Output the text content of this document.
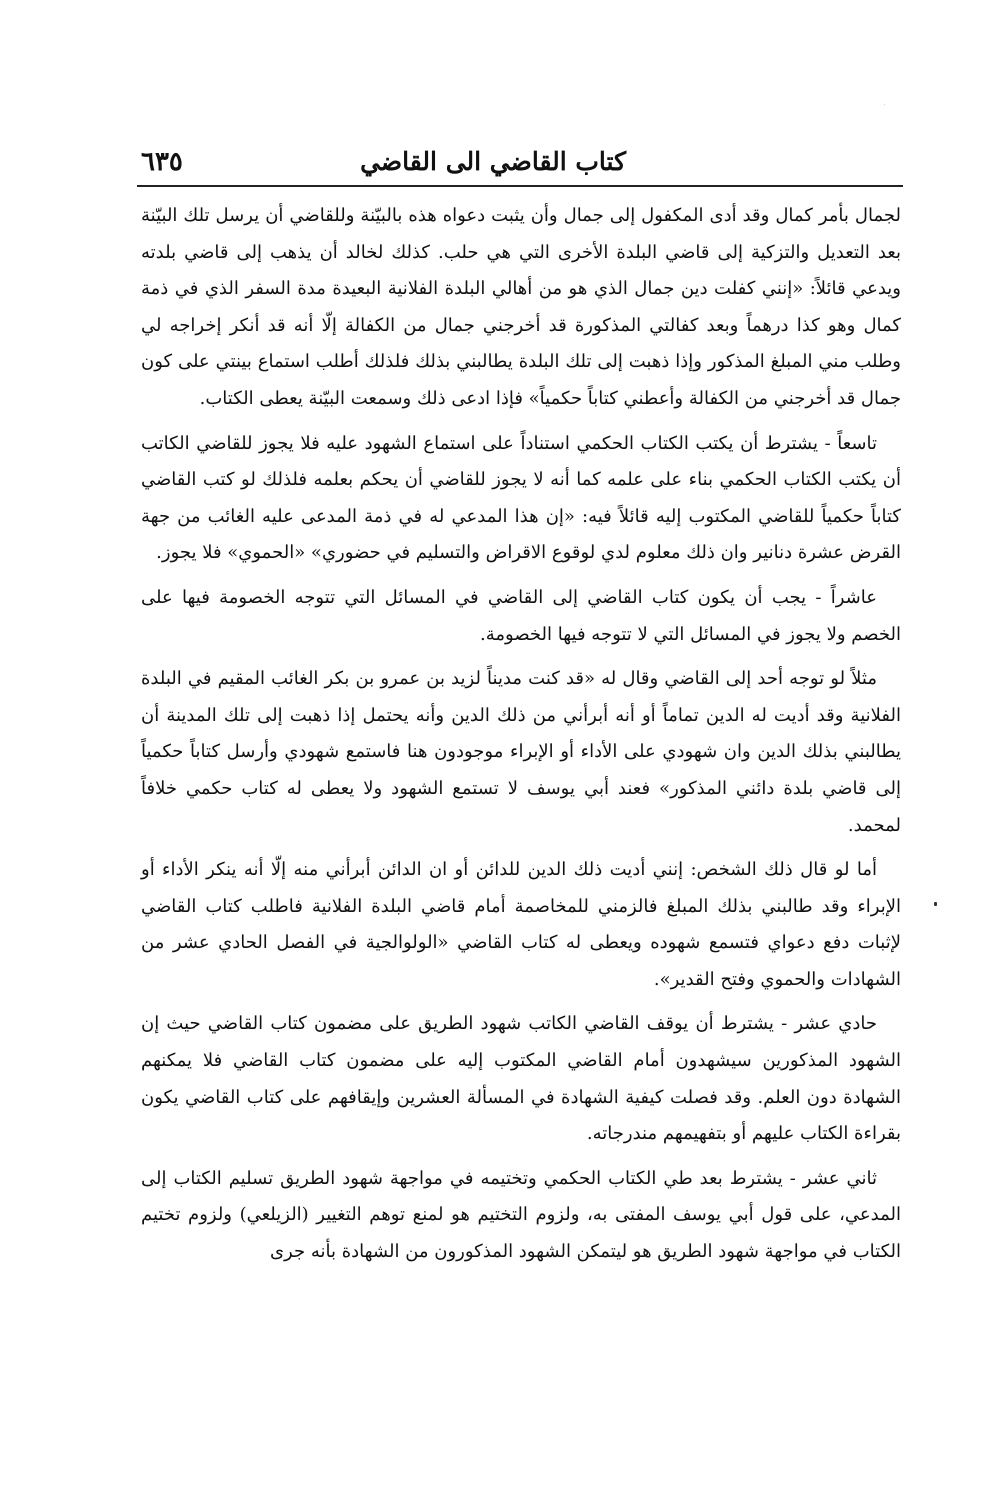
كتاب القاضي الى القاضي
٦٣٥

لجمال بأمر كمال وقد أدى المكفول إلى جمال وأن يثبت دعواه هذه بالبيّنة وللقاضي أن يرسل تلك البيّنة بعد التعديل والتزكية إلى قاضي البلدة الأخرى التي هي حلب. كذلك لخالد أن يذهب إلى قاضي بلدته ويدعي قائلاً: «إنني كفلت دين جمال الذي هو من أهالي البلدة الفلانية البعيدة مدة السفر الذي في ذمة كمال وهو كذا درهماً وبعد كفالتي المذكورة قد أخرجني جمال من الكفالة إلّا أنه قد أنكر إخراجه لي وطلب مني المبلغ المذكور وإذا ذهبت إلى تلك البلدة يطالبني بذلك فلذلك أطلب استماع بينتي على كون جمال قد أخرجني من الكفالة وأعطني كتاباً حكمياً» فإذا ادعى ذلك وسمعت البيّنة يعطى الكتاب.

تاسعاً - يشترط أن يكتب الكتاب الحكمي استناداً على استماع الشهود عليه فلا يجوز للقاضي الكاتب أن يكتب الكتاب الحكمي بناء على علمه كما أنه لا يجوز للقاضي أن يحكم بعلمه فلذلك لو كتب القاضي كتاباً حكمياً للقاضي المكتوب إليه قائلاً فيه: «إن هذا المدعي له في ذمة المدعى عليه الغائب من جهة القرض عشرة دنانير وان ذلك معلوم لدي لوقوع الاقراض والتسليم في حضوري» «الحموي» فلا يجوز.

عاشراً - يجب أن يكون كتاب القاضي إلى القاضي في المسائل التي تتوجه الخصومة فيها على الخصم ولا يجوز في المسائل التي لا تتوجه فيها الخصومة.

مثلاً لو توجه أحد إلى القاضي وقال له «قد كنت مديناً لزيد بن عمرو بن بكر الغائب المقيم في البلدة الفلانية وقد أديت له الدين تماماً أو أنه أبرأني من ذلك الدين وأنه يحتمل إذا ذهبت إلى تلك المدينة أن يطالبني بذلك الدين وان شهودي على الأداء أو الإبراء موجودون هنا فاستمع شهودي وأرسل كتاباً حكمياً إلى قاضي بلدة دائني المذكور» فعند أبي يوسف لا تستمع الشهود ولا يعطى له كتاب حكمي خلافاً لمحمد.

أما لو قال ذلك الشخص: إنني أديت ذلك الدين للدائن أو ان الدائن أبرأني منه إلّا أنه ينكر الأداء أو الإبراء وقد طالبني بذلك المبلغ فالزمني للمخاصمة أمام قاضي البلدة الفلانية فاطلب كتاب القاضي لإثبات دفع دعواي فتسمع شهوده ويعطى له كتاب القاضي «الولوالجية في الفصل الحادي عشر من الشهادات والحموي وفتح القدير».

حادي عشر - يشترط أن يوقف القاضي الكاتب شهود الطريق على مضمون كتاب القاضي حيث إن الشهود المذكورين سيشهدون أمام القاضي المكتوب إليه على مضمون كتاب القاضي فلا يمكنهم الشهادة دون العلم. وقد فصلت كيفية الشهادة في المسألة العشرين وإيقافهم على كتاب القاضي يكون بقراءة الكتاب عليهم أو بتفهيمهم مندرجاته.

ثاني عشر - يشترط بعد طي الكتاب الحكمي وتختيمه في مواجهة شهود الطريق تسليم الكتاب إلى المدعي، على قول أبي يوسف المفتى به، ولزوم التختيم هو لمنع توهم التغيير (الزيلعي) ولزوم تختيم الكتاب في مواجهة شهود الطريق هو ليتمكن الشهود المذكورون من الشهادة بأنه جرى
